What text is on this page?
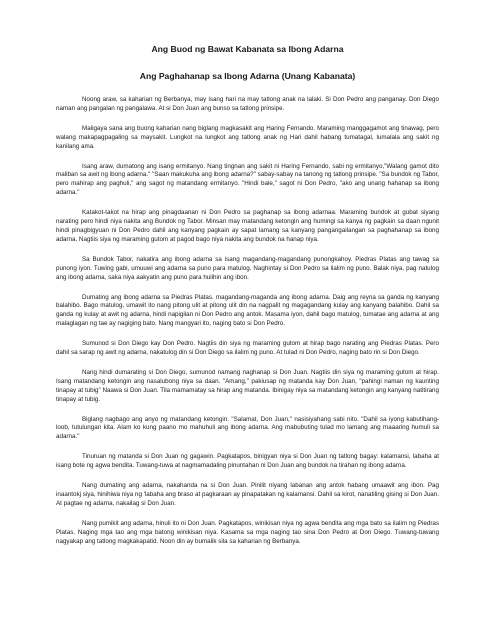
Ang Buod ng Bawat Kabanata sa Ibong Adarna
Ang Paghahanap sa Ibong Adarna (Unang Kabanata)

Noong araw, sa kaharian ng Berbanya, may isang hari na may tatlong anak na lalaki. Si Don Pedro ang panganay. Don Diego naman ang pangalan ng pangalawa. At si Don Juan ang bunso sa tatlong prinsipe.

Maligaya sana ang buong kaharian nang biglang magkasakit ang Haring Fernando. Maraming manggagamot ang tinawag, pero walang makapagpagaling sa maysakit. Lungkot na lungkot ang tatlong anak ng Hari dahil habang tumatagal, lumalala ang sakit ng kanilang ama.

Isang araw, dumatong ang isang ermitanyo. Nang tingnan ang sakit ni Haring Fernando, sabi ng ermitanyo,"Walang gamot dito maliban sa awit ng ibong adarna." "Saan makukuha ang ibong adarna?" sabay-sabay na tanong ng tatlong prinsipe. "Sa bundok ng Tabor, pero mahirap ang paghuli," ang sagot ng matandang ermitanyo. "Hindi bale," sagot ni Don Pedro, "ako ang unang hahanap sa ibong adarna."

Katakot-takot na hirap ang pinagdaanan ni Don Pedro sa paghanap sa ibong adarnaa. Maraming bundok at gubat siyang narating pero hindi niya nakita ang Bundok ng Tabor. Minsan may matandang ketongin ang humingi sa kanya ng pagkain sa daan ngunit hindi pinagbigyuan ni Don Pedro dahil ang kanyang pagkain ay sapat lamang sa kanyang pangangailangan sa paghahanap sa ibong adarna. Nagtiis siya ng maraming gutom at pagod bago niya nakita ang bundok na hanap niya.

Sa Bundok Tabor, nakatira ang ibong adarna sa isang magandang-magandang punongkahoy. Piedras Platas ang tawag sa punong iyon. Tuwing gabi, umuuwi ang adarna sa puno para matulog. Naghintay si Don Pedro sa ilalim ng puno. Balak niya, pag natulog ang ibong adarna, saka niya aakyatin ang puno para hulihin ang ibon.

Dumating ang ibong adarna sa Piedras Platas. magandang-maganda ang ibong adarna. Daig ang reyna sa ganda ng kanyang balahibo. Bago matulog, umawit ito nang pitong ulit at pitong ulit din na nagpalit ng magagandang kulay ang kanyang balahibo. Dahil sa ganda ng kulay at awit ng adarna, hindi napigilan ni Don Pedro ang antok. Masama iyon, dahil bago matulog, tumatae ang adarna at ang malaglagan ng tae ay nagiging bato. Nang mangyari ito, naging bato si Don Pedro.

Sumunod si Don Diego kay Don Pedro. Nagtiis din siya ng maraming gutom at hirap bago narating ang Piedras Platas. Pero dahil sa sarap ng awit ng adarna, nakatulog din si Don Diego sa ilalim ng puno. At tulad ni Don Pedro, naging bato rin si Don Diego.

Nang hindi dumarating si Don Diego, sumunod namang naghanap si Don Juan. Nagtiis din siya ng maraming gutom at hirap. Isang matandang ketongin ang nasalubong niya sa daan. "Amang," pakiusap ng matanda kay Don Juan, "pahingi naman ng kaunting tinapay at tubig" Naawa si Don Juan. Tila mamamatay sa hirap ang matanda. Ibinigay niya sa matandang ketongin ang kanyang natitirang tinapay at tubig.

Biglang nagbago ang anyo ng matandang ketongin. "Salamat, Don Juan," nasisiyahang sabi nito. "Dahil sa iyong kabutihang-loob, tutulungan kita. Alam ko kung paano mo mahuhuli ang ibong adarna. Ang mabubuting tulad mo lamang ang maaaring humuli sa adarna."

Tinuruan ng matanda si Don Juan ng gagawin. Pagkatapos, binigyan niya si Don Juan ng tatlong bagay: kalamansi, labaha at isang bote ng agwa bendita. Tuwang-tuwa at nagmamadaling pinuntahan ni Don Juan ang bundok na tirahan ng ibong adarna.

Nang dumating ang adarna, nakahanda na si Don Juan. Pinilit niyang labanan ang antok habang umaawit ang ibon. Pag inaantokj siya, hinihiwa niya ng 'labaha ang braso at pagkaraan ay pinapatakan ng kalamansi. Dahil sa kirot, nanatiling gising si Don Juan. At pagtae ng adarna, nakailag si Don Juan.

Nang pumikit ang adarna, hinuli ito ni Don Juan. Pagkatapos, winikisan niya ng agwa bendita ang mga bato sa ilalim ng Piedras Platas. Naging mga tao ang mga batong winikisan niya. Kasama sa mga naging tao sina Don Pedro at Don Diego. Tuwang-tuwang nagyakap ang tatlong magkakapatid. Noon din ay bumalik sila sa kaharian ng Berbanya.
